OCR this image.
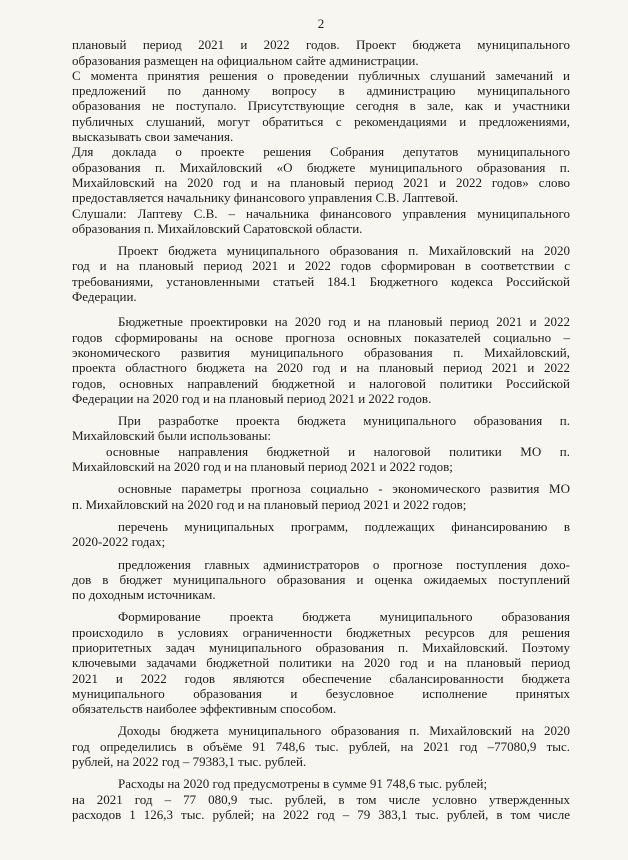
2

плановый период 2021 и 2022 годов. Проект бюджета муниципального

образования размещен на официальном сайте администрации.

С момента принятия решения о проведении публичных слушаний замечаний и

предложений по данному вопросу в администрацию муниципального

образования не поступало. Присутствующие сегодня в зале, как и участники

публичных слушаний, могут обратиться с рекомендациями и предложениями,

высказывать свои замечания.

Для доклада о проекте решения Собрания депутатов муниципального

образования п. Михайловский «О бюджете муниципального образования п.

Михайловский на 2020 год и на плановый период 2021 и 2022 годов» слово

предоставляется начальнику финансового управления С.В. Лаптевой.

Слушали: Лаптеву С.В. – начальника финансового управления муниципального

образования п. Михайловский Саратовской области.

Проект бюджета муниципального образования п. Михайловский на 2020

год и на плановый период 2021 и 2022 годов сформирован в соответствии с

требованиями, установленными статьей 184.1 Бюджетного кодекса Российской

Федерации.

Бюджетные проектировки на 2020 год и на плановый период 2021 и 2022

годов сформированы на основе прогноза основных показателей социально –

экономического развития муниципального образования п. Михайловский,

проекта областного бюджета на 2020 год и на плановый период 2021 и 2022

годов, основных направлений бюджетной и налоговой политики Российской

Федерации на 2020 год и на плановый период 2021 и 2022 годов.

При разработке проекта бюджета муниципального образования п.

Михайловский были использованы:

основные направления бюджетной и налоговой политики МО п.

Михайловский на 2020 год и на плановый период 2021 и 2022 годов;

основные параметры прогноза социально - экономического развития МО

п. Михайловский на 2020 год и на плановый период 2021 и 2022 годов;

перечень муниципальных программ, подлежащих финансированию в

2020-2022 годах;

предложения главных администраторов о прогнозе поступления дохо-

дов в бюджет муниципального образования и оценка ожидаемых поступлений

по доходным источникам.

Формирование проекта бюджета муниципального образования

происходило в условиях ограниченности бюджетных ресурсов для решения

приоритетных задач муниципального образования п. Михайловский. Поэтому

ключевыми задачами бюджетной политики на 2020 год и на плановый период

2021 и 2022 годов являются обеспечение сбалансированности бюджета

муниципального образования и безусловное исполнение принятых

обязательств наиболее эффективным способом.

Доходы бюджета муниципального образования п. Михайловский на 2020

год определились в объёме 91 748,6 тыс. рублей, на 2021 год –77080,9 тыс.

рублей, на 2022 год – 79383,1 тыс. рублей.

Расходы на 2020 год предусмотрены в сумме 91 748,6 тыс. рублей;

на 2021 год – 77 080,9 тыс. рублей, в том числе условно утвержденных

расходов 1 126,3 тыс. рублей; на 2022 год – 79 383,1 тыс. рублей, в том числе
